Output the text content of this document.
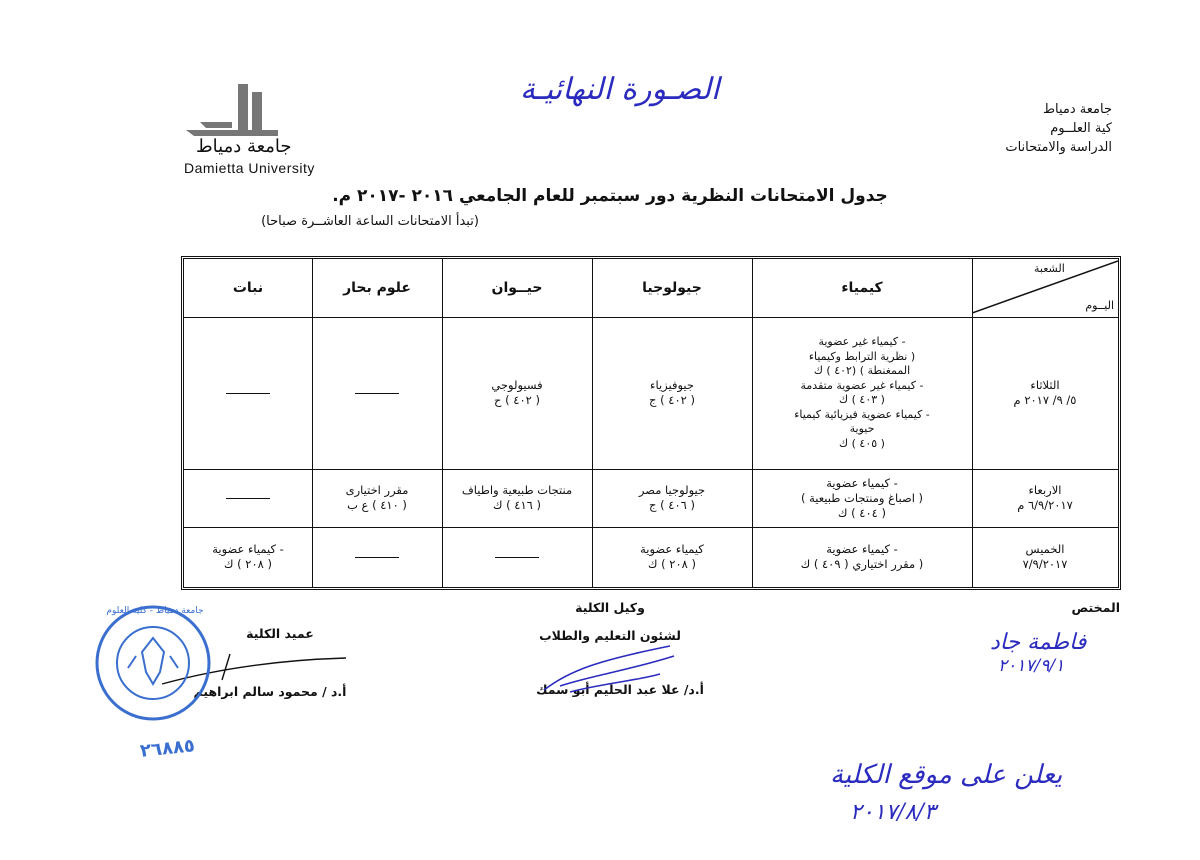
جامعة دمياط
كية العلــوم
الدراسة والامتحانات
الصـورة النهائيـة
جامعة دمياط
Damietta University
جدول الامتحانات النظرية دور سبتمبر للعام الجامعي ٢٠١٦ -٢٠١٧ م.
(تبدأ الامتحانات الساعة العاشــرة صباحا)
الشعبة
اليــوم
كيمياء
جيولوجيا
حيــوان
علوم بحار
نبات
الثلاثاء
٥/ ٩/ ٢٠١٧ م
- كيمياء غير عضوية
( نظرية الترابط وكيمياء
الممغنطة ) (٤٠٢ ) ك
- كيمياء غير عضوية متقدمة
( ٤٠٣ ) ك
- كيمياء عضوية فيزيائية كيمياء
حيوية
( ٤٠٥ ) ك
جيوفيزياء
( ٤٠٢ ) ج
فسيولوجي
( ٤٠٢ ) ح
الاربعاء
٦/٩/٢٠١٧ م
- كيمياء عضوية
( اصباغ ومنتجات طبيعية )
( ٤٠٤ ) ك
جيولوجيا مصر
( ٤٠٦ ) ج
منتجات طبيعية واطياف
( ٤١٦ ) ك
مقرر اختيارى
( ٤١٠ ) ع ب
الخميس
٧/٩/٢٠١٧
- كيمياء عضوية
( مقرر اختياري ( ٤٠٩ ) ك
كيمياء عضوية
( ٢٠٨ ) ك
- كيمياء عضوية
( ٢٠٨ ) ك
المختص
فاطمة جاد
٢٠١٧/٩/١
وكيل الكلية
لشئون التعليم والطلاب
أ.د/ علا عبد الحليم أبو سمك
عميد الكلية
أ.د / محمود سالم ابراهيم
جامعة دمياط - كلية العلوم
٢٦٨٨٥
يعلن على موقع الكلية
٢٠١٧/٨/٣
